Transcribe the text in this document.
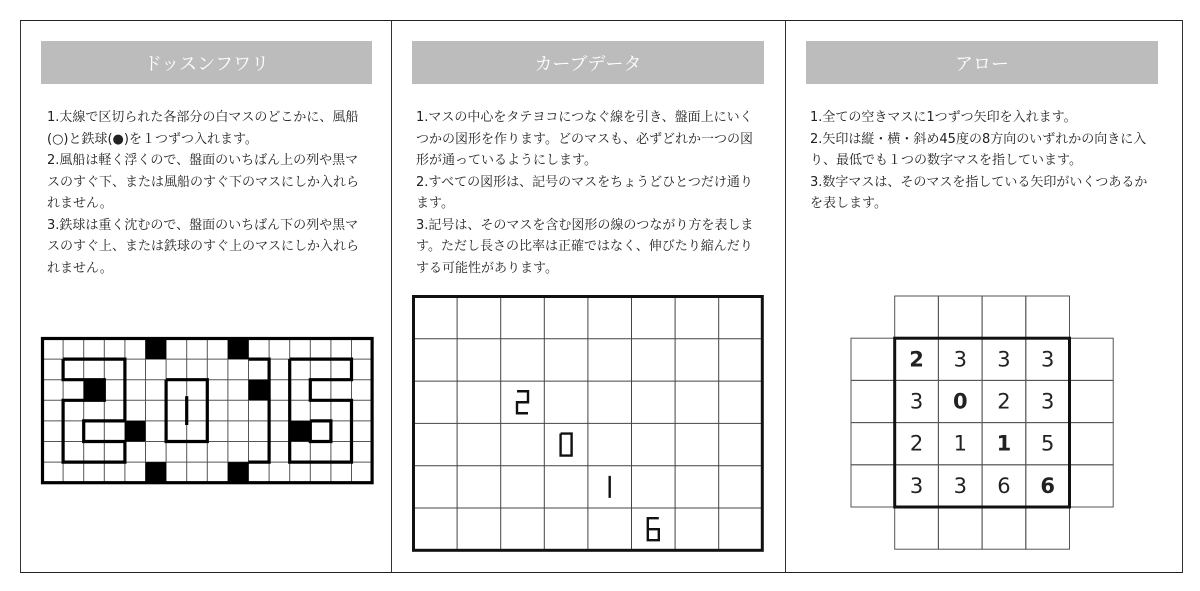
ドッスンフワリ
1.太線で区切られた各部分の白マスのどこかに、風船(○)と鉄球(●)を１つずつ入れます。
2.風船は軽く浮くので、盤面のいちばん上の列や黒マスのすぐ下、または風船のすぐ下のマスにしか入れられません。
3.鉄球は重く沈むので、盤面のいちばん下の列や黒マスのすぐ上、または鉄球のすぐ上のマスにしか入れられません。
カーブデータ
1.マスの中心をタテヨコにつなぐ線を引き、盤面上にいくつかの図形を作ります。どのマスも、必ずどれか一つの図形が通っているようにします。
2.すべての図形は、記号のマスをちょうどひとつだけ通ります。
3.記号は、そのマスを含む図形の線のつながり方を表します。ただし長さの比率は正確ではなく、伸びたり縮んだりする可能性があります。
アロー
1.全ての空きマスに1つずつ矢印を入れます。
2.矢印は縦・横・斜め45度の8方向のいずれかの向きに入り、最低でも１つの数字マスを指しています。
3.数字マスは、そのマスを指している矢印がいくつあるかを表します。
2 3 3 3
3 0 2 3
2 1 1 5
3 3 6 6
